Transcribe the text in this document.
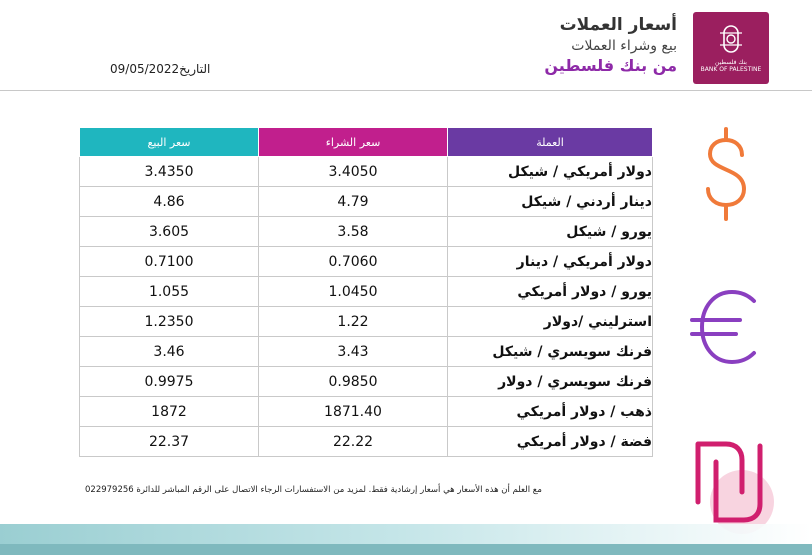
بنك فلسطين
BANK OF PALESTINE
أسعار العملات
بيع وشراء العملات
من بنك فلسطين
09/05/2022التاريخ
سعر البيع	سعر الشراء	العملة
3.4350	3.4050	دولار أمريكي / شيكل
4.86	4.79	دينار أردني / شيكل
3.605	3.58	يورو / شيكل
0.7100	0.7060	دولار أمريكي / دينار
1.055	1.0450	يورو / دولار أمريكي
1.2350	1.22	استرليني /دولار
3.46	3.43	فرنك سويسري / شيكل
0.9975	0.9850	فرنك سويسري / دولار
1872	1871.40	ذهب / دولار أمريكي
22.37	22.22	فضة / دولار أمريكي
مع العلم أن هذه الأسعار هي أسعار إرشادية فقط. لمزيد من الاستفسارات الرجاء الاتصال على الرقم المباشر للدائرة 022979256
